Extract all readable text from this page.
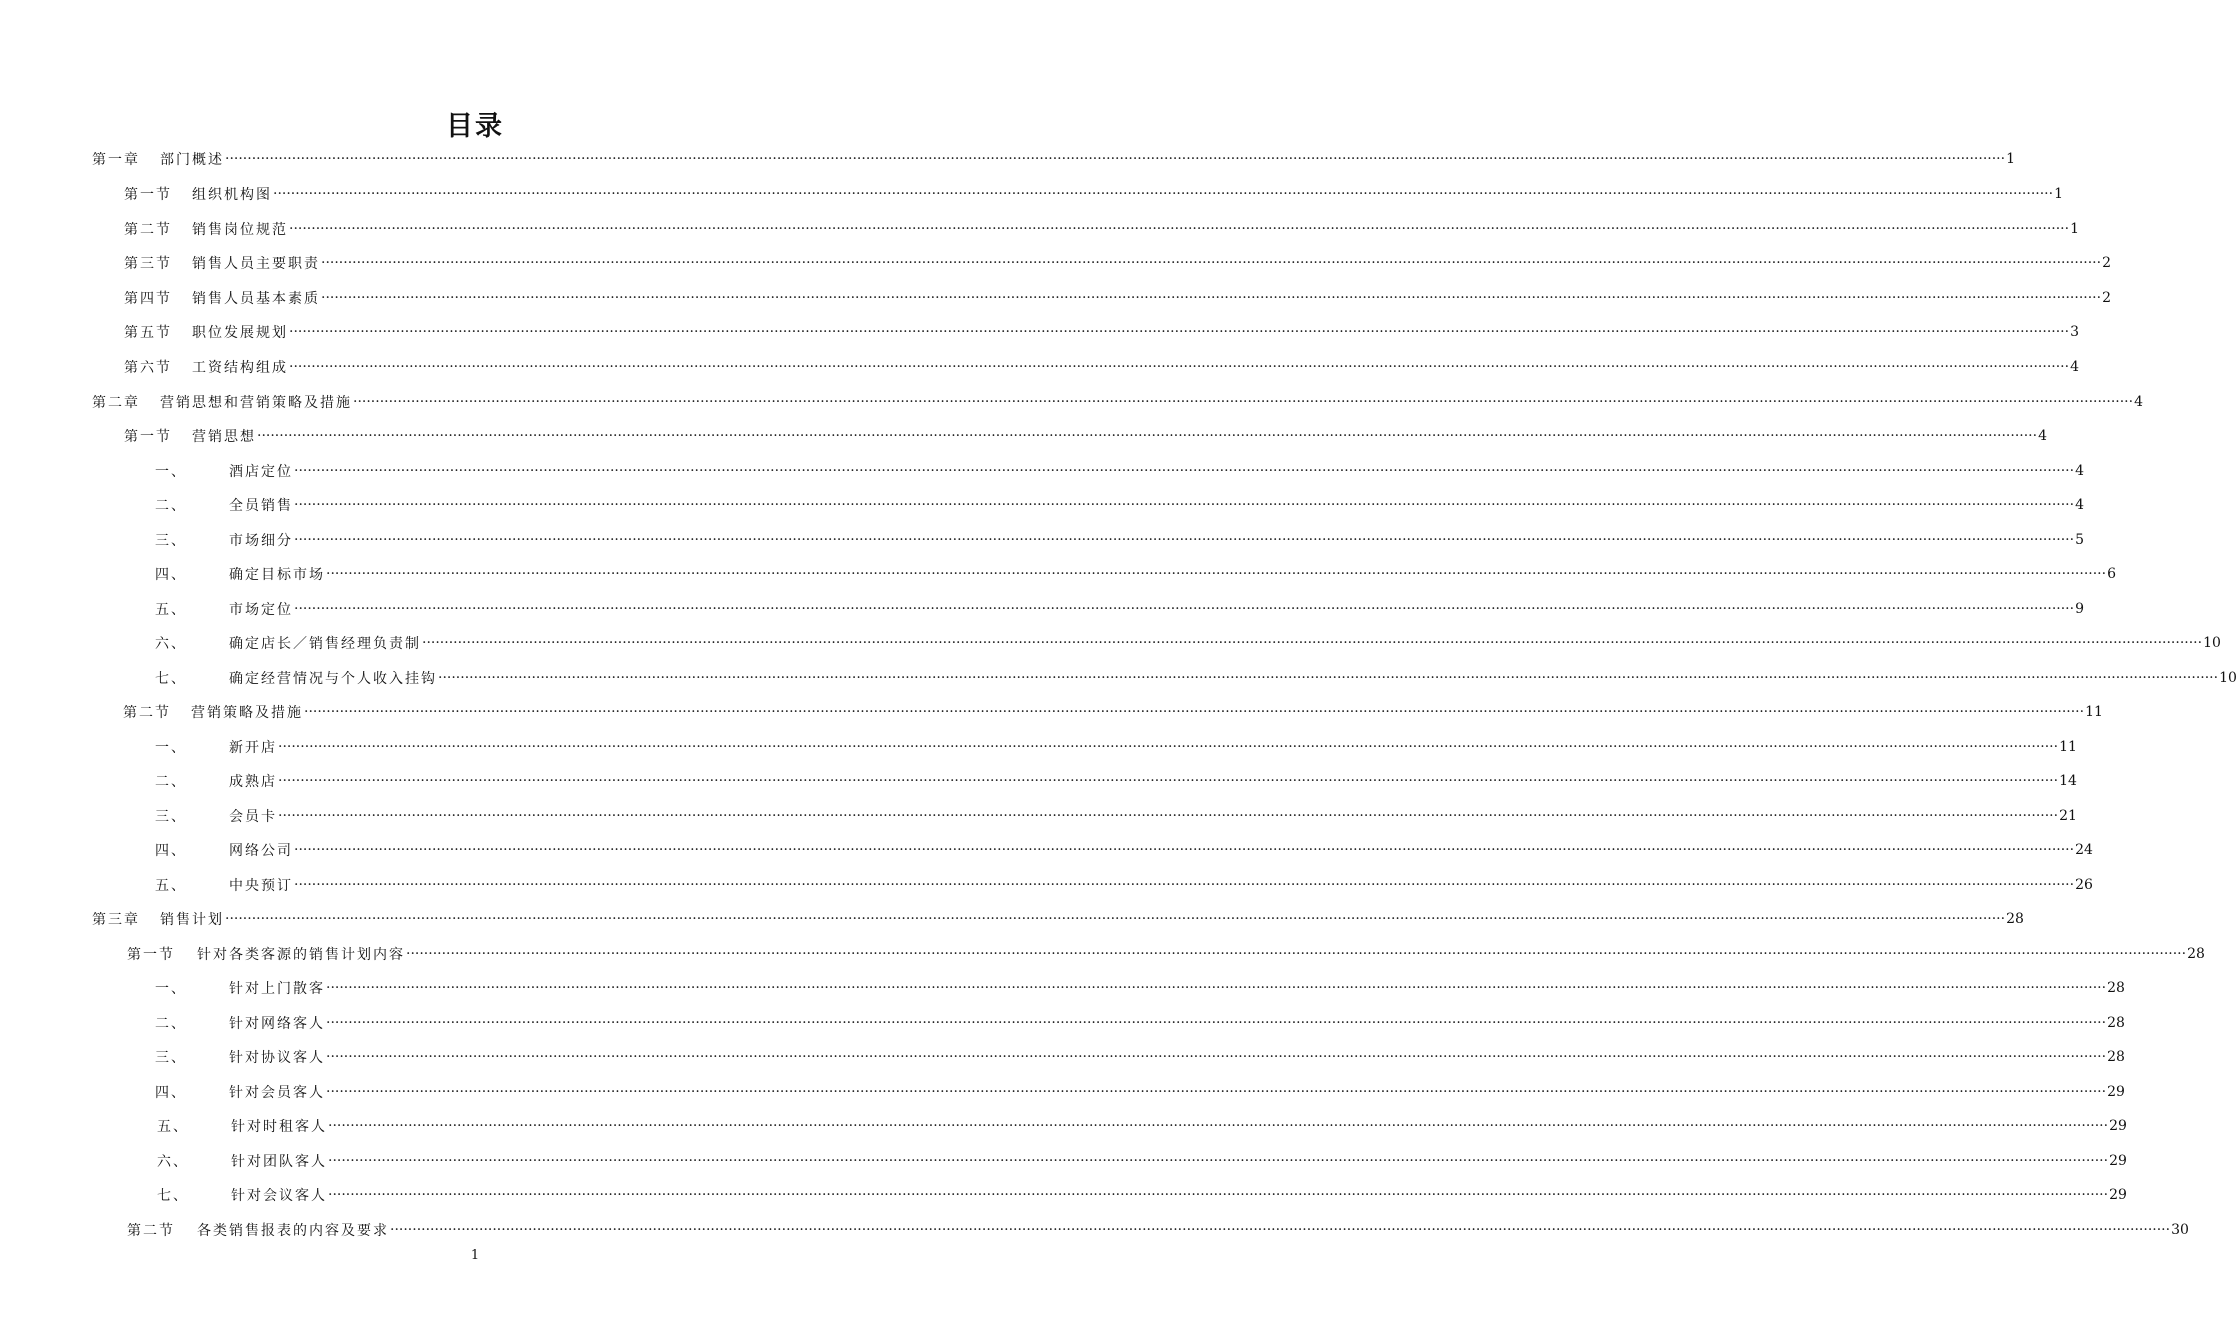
目录
第一章 部门概述 ················································································································································································································································································································································································································ 1
第一节 组织机构图 ················································································································································································································································································································································································································ 1
第二节 销售岗位规范 ················································································································································································································································································································································································································ 1
第三节 销售人员主要职责 ················································································································································································································································································································································································································ 2
第四节 销售人员基本素质 ················································································································································································································································································································································································································ 2
第五节 职位发展规划 ················································································································································································································································································································································································································ 3
第六节 工资结构组成 ················································································································································································································································································································································································································ 4
第二章 营销思想和营销策略及措施 ················································································································································································································································································································································································································ 4
第一节 营销思想 ················································································································································································································································································································································································································ 4
一、	酒店定位 ················································································································································································································································································································································································································ 4
二、	全员销售 ················································································································································································································································································································································································································ 4
三、	市场细分 ················································································································································································································································································································································································································ 5
四、	确定目标市场 ················································································································································································································································································································································································································ 6
五、	市场定位 ················································································································································································································································································································································································································ 9
六、	确定店长／销售经理负责制 ················································································································································································································································································································································································································ 10
七、	确定经营情况与个人收入挂钩 ················································································································································································································································································································································································································ 10
第二节 营销策略及措施 ················································································································································································································································································································································································································ 11
一、	新开店 ················································································································································································································································································································································································································ 11
二、	成熟店 ················································································································································································································································································································································································································ 14
三、	会员卡 ················································································································································································································································································································································································································ 21
四、	网络公司 ················································································································································································································································································································································································································ 24
五、	中央预订 ················································································································································································································································································································································································································ 26
第三章 销售计划 ················································································································································································································································································································································································································ 28
第一节 针对各类客源的销售计划内容 ················································································································································································································································································································································································································ 28
一、	针对上门散客 ················································································································································································································································································································································································································ 28
二、	针对网络客人 ················································································································································································································································································································································································································ 28
三、	针对协议客人 ················································································································································································································································································································································································································ 28
四、	针对会员客人 ················································································································································································································································································································································································································ 29
五、	针对时租客人 ················································································································································································································································································································································································································ 29
六、	针对团队客人 ················································································································································································································································································································································································································ 29
七、	针对会议客人 ················································································································································································································································································································································································································ 29
第二节 各类销售报表的内容及要求 ················································································································································································································································································································································································································ 30
1
